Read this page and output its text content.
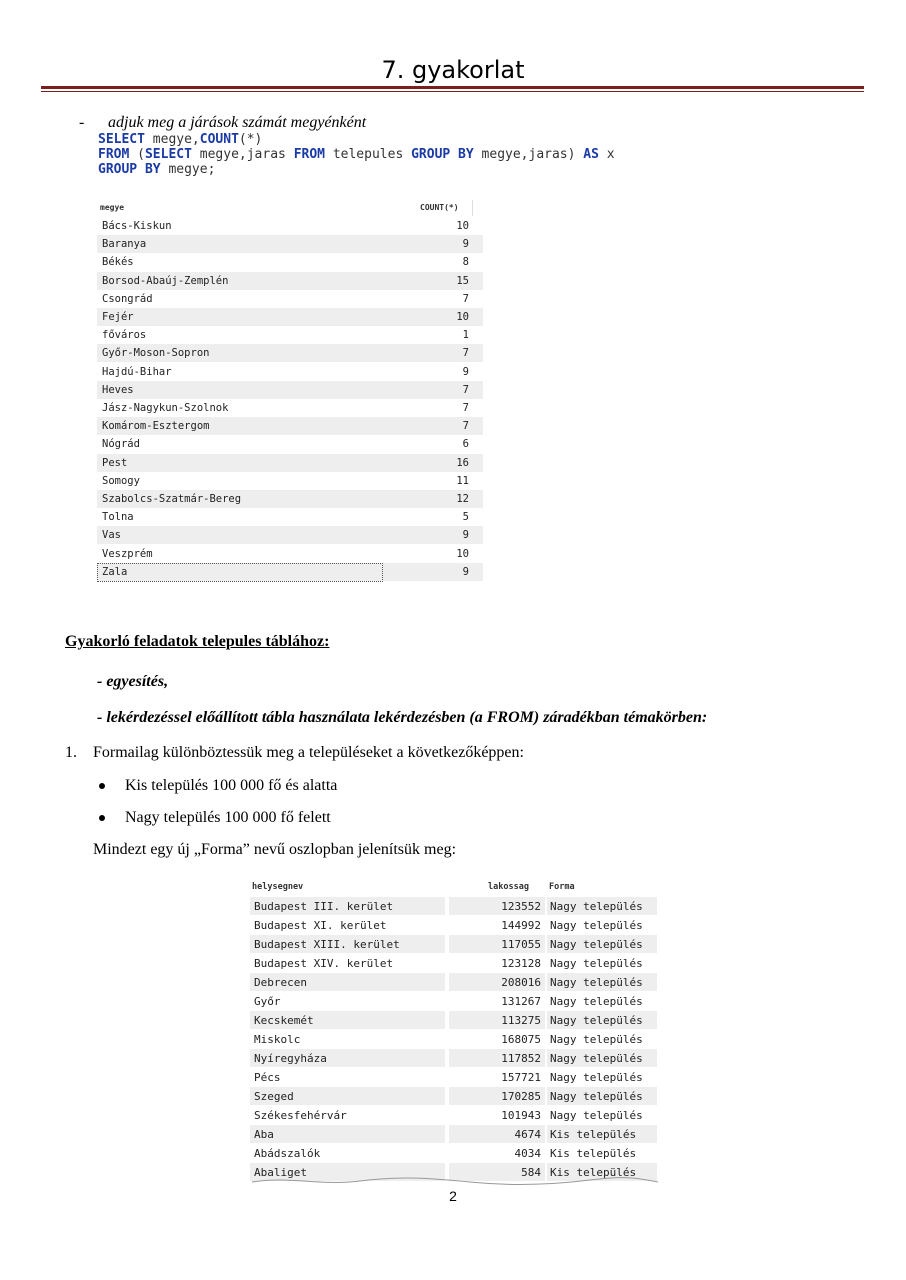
7. gyakorlat
- adjuk meg a járások számát megyénként
SELECT megye,COUNT(*)
FROM (SELECT megye,jaras FROM telepules GROUP BY megye,jaras) AS x
GROUP BY megye;
megye	COUNT(*)
Bács-Kiskun	10
Baranya	9
Békés	8
Borsod-Abaúj-Zemplén	15
Csongrád	7
Fejér	10
főváros	1
Győr-Moson-Sopron	7
Hajdú-Bihar	9
Heves	7
Jász-Nagykun-Szolnok	7
Komárom-Esztergom	7
Nógrád	6
Pest	16
Somogy	11
Szabolcs-Szatmár-Bereg	12
Tolna	5
Vas	9
Veszprém	10
Zala	9
Gyakorló feladatok telepules táblához:
- egyesítés,
- lekérdezéssel előállított tábla használata lekérdezésben (a FROM) záradékban témakörben:
1. Formailag különböztessük meg a településeket a következőképpen:
Kis település 100 000 fő és alatta
Nagy település 100 000 fő felett
Mindezt egy új „Forma” nevű oszlopban jelenítsük meg:
helysegnev	lakossag Forma
Budapest III. kerület	123552 Nagy település
Budapest XI. kerület	144992 Nagy település
Budapest XIII. kerület	117055 Nagy település
Budapest XIV. kerület	123128 Nagy település
Debrecen	208016 Nagy település
Győr	131267 Nagy település
Kecskemét	113275 Nagy település
Miskolc	168075 Nagy település
Nyíregyháza	117852 Nagy település
Pécs	157721 Nagy település
Szeged	170285 Nagy település
Székesfehérvár	101943 Nagy település
Aba	4674 Kis település
Abádszalók	4034 Kis település
Abaliget	584 Kis település
2
